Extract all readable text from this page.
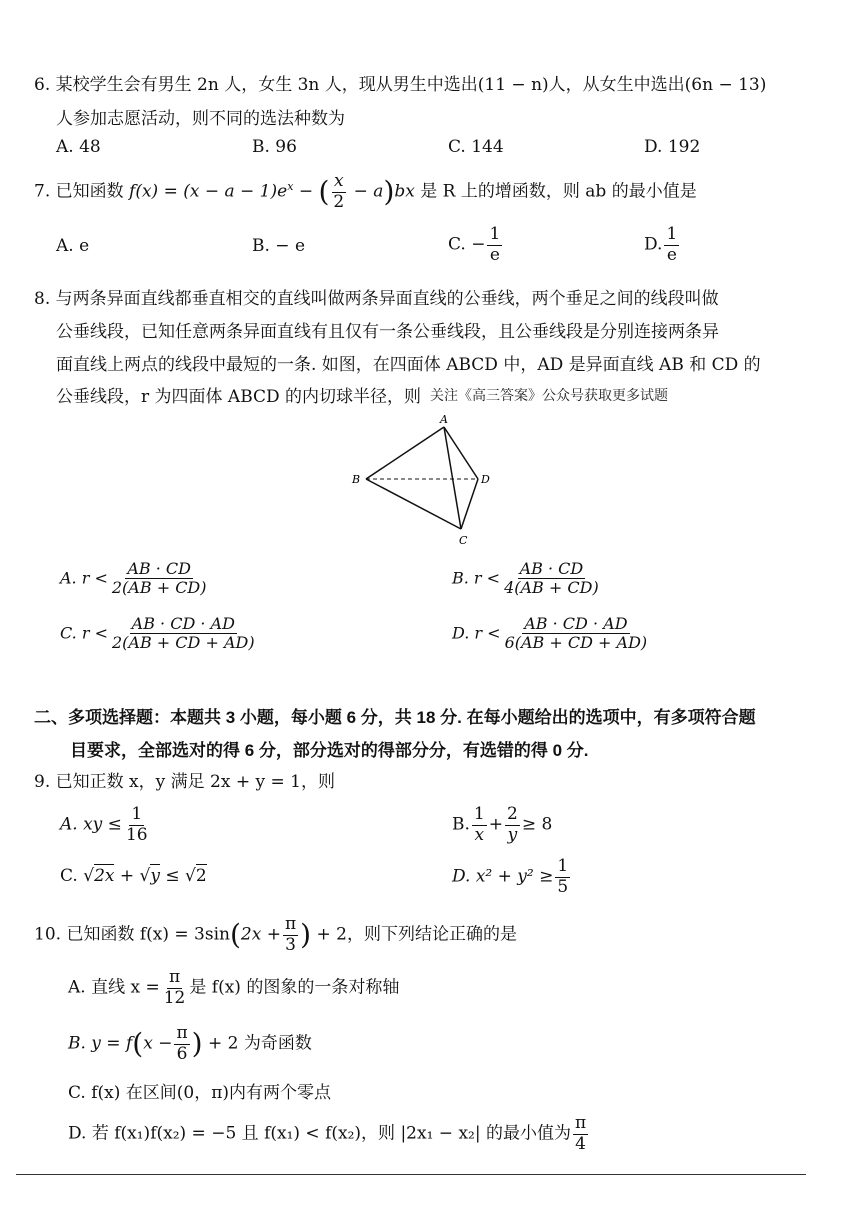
6. 某校学生会有男生 2n 人，女生 3n 人，现从男生中选出(11 − n)人，从女生中选出(6n − 13)
人参加志愿活动，则不同的选法种数为
A. 48	B. 96	C. 144	D. 192
7. 已知函数 $f(x) = (x - a - 1)e^x$ − ( $\frac{x}{2} - a)bx$ 是 R 上的增函数，则 ab 的最小值是
A. e	B. − e	C. − $\frac{1}{e}$	D. $\frac{1}{e}$
8. 与两条异面直线都垂直相交的直线叫做两条异面直线的公垂线，两个垂足之间的线段叫做
公垂线段，已知任意两条异面直线有且仅有一条公垂线段，且公垂线段是分别连接两条异
面直线上两点的线段中最短的一条. 如图，在四面体 ABCD 中，AD 是异面直线 AB 和 CD 的
公垂线段，r 为四面体 ABCD 的内切球半径，则 关注《高三答案》公众号获取更多试题
A
B
C
D
A. $r < \frac{AB \cdot CD}{2(AB + CD)}$	B. $r < \frac{AB \cdot CD}{4(AB + CD)}$
C. $r < \frac{AB \cdot CD \cdot AD}{2(AB + CD + AD)}$	D. $r < \frac{AB \cdot CD \cdot AD}{6(AB + CD + AD)}$
二、多项选择题：本题共 3 小题，每小题 6 分，共 18 分. 在每小题给出的选项中，有多项符合题
目要求，全部选对的得 6 分，部分选对的得部分分，有选错的得 0 分.
9. 已知正数 x，y 满足 2x + y = 1，则
A. xy ≤ $\frac{1}{16}$	B. $\frac{1}{x} + \frac{2}{y} \ge 8$
C. √2x + √y ≤ √2	D. $x^2 + y^2 \ge \frac{1}{5}$
10. 已知函数 $f(x) = 3\sin(2x + \frac{\pi}{3}$ ) + 2，则下列结论正确的是
A. 直线 $x = \frac{\pi}{12}$ 是 f(x) 的图象的一条对称轴
B. $y = f(x - \frac{\pi}{6}$ ) + 2 为奇函数
C. f(x) 在区间(0，π)内有两个零点
D. 若 f(x₁)f(x₂) = −5 且 f(x₁) < f(x₂)，则 |2x₁ − x₂| 的最小值为 $\frac{\pi}{4}$
